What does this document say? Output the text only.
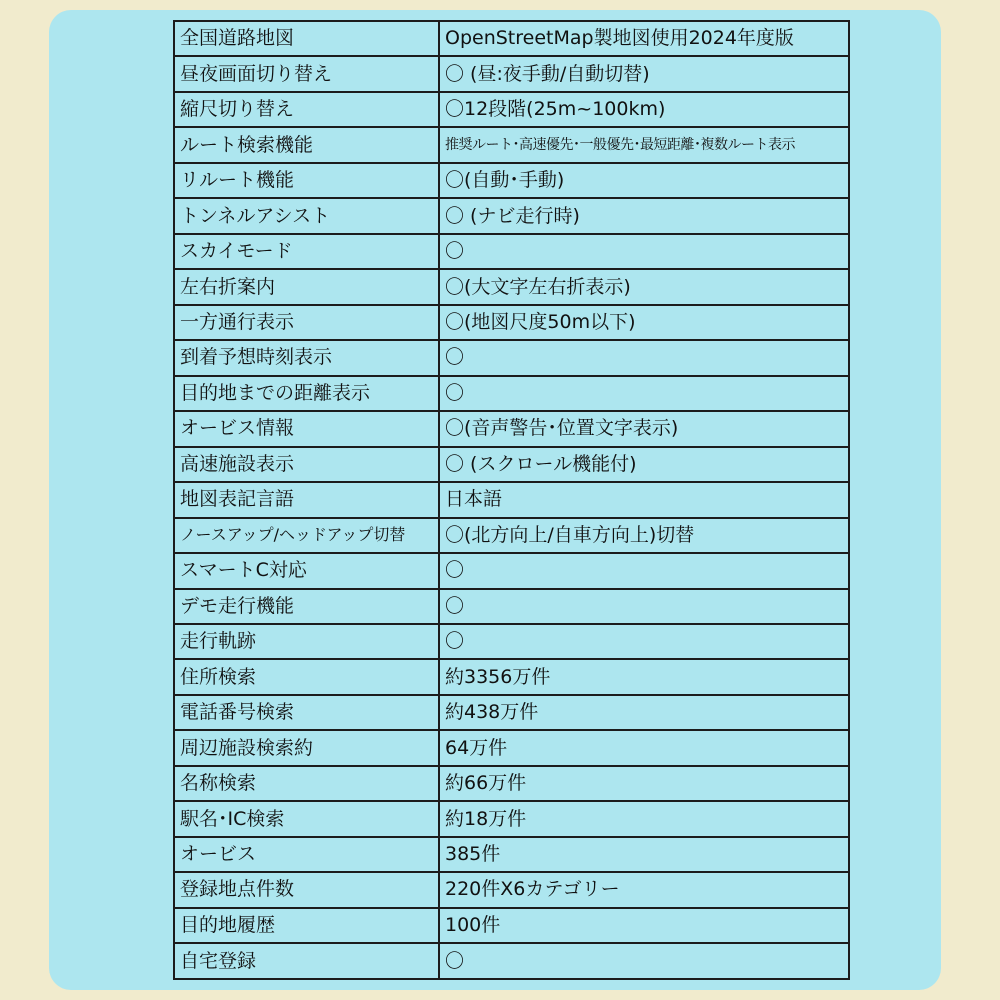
全国道路地図	OpenStreetMap製地図使用2024年度版
昼夜画面切り替え	〇 (昼:夜手動/自動切替)
縮尺切り替え	〇12段階(25m~100km)
ルート検索機能	推奨ルート･高速優先･一般優先･最短距離･複数ルート表示
リルート機能	〇(自動･手動)
トンネルアシスト	〇 (ナビ走行時)
スカイモード	〇
左右折案内	〇(大文字左右折表示)
一方通行表示	〇(地図尺度50m以下)
到着予想時刻表示	〇
目的地までの距離表示	〇
オービス情報	〇(音声警告･位置文字表示)
高速施設表示	〇 (スクロール機能付)
地図表記言語	日本語
ノースアップ/ヘッドアップ切替	〇(北方向上/自車方向上)切替
スマートC対応	〇
デモ走行機能	〇
走行軌跡	〇
住所検索	約3356万件
電話番号検索	約438万件
周辺施設検索約	64万件
名称検索	約66万件
駅名･IC検索	約18万件
オービス	385件
登録地点件数	220件X6カテゴリー
目的地履歴	100件
自宅登録	〇
